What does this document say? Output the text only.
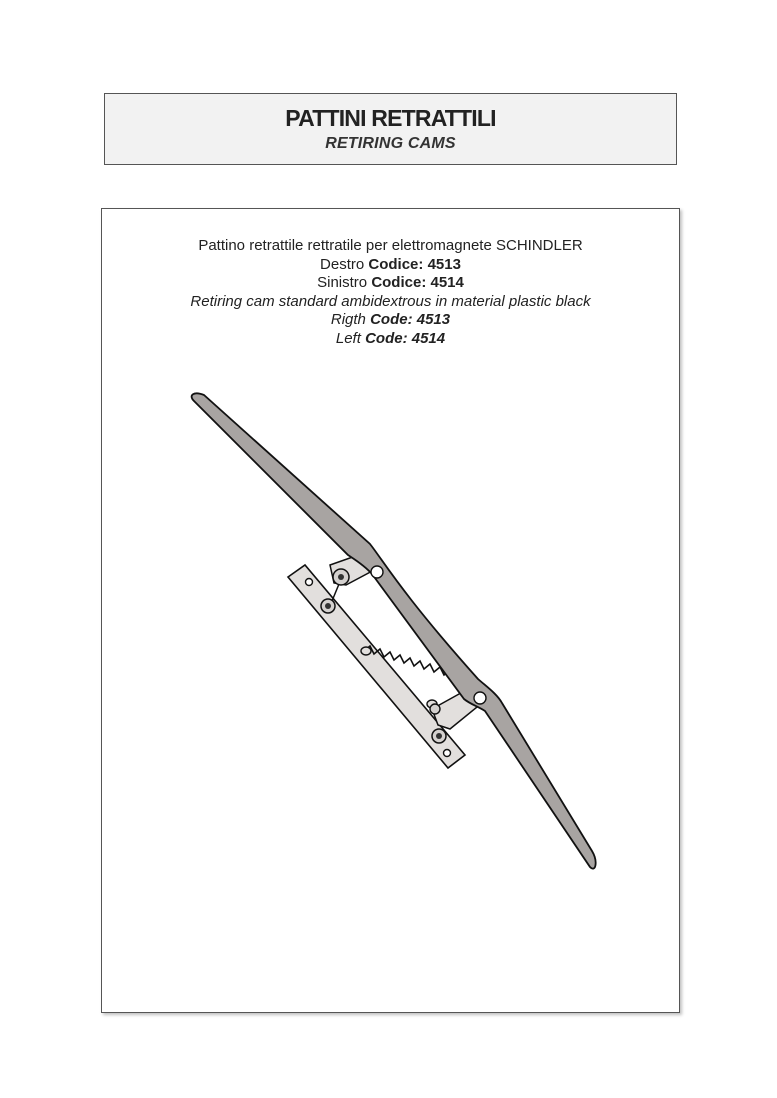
PATTINI RETRATTILI
RETIRING CAMS
Pattino retrattile rettratile per elettromagnete SCHINDLER
Destro Codice: 4513
Sinistro Codice: 4514
Retiring cam standard ambidextrous in material plastic black
Rigth Code: 4513
Left Code: 4514
